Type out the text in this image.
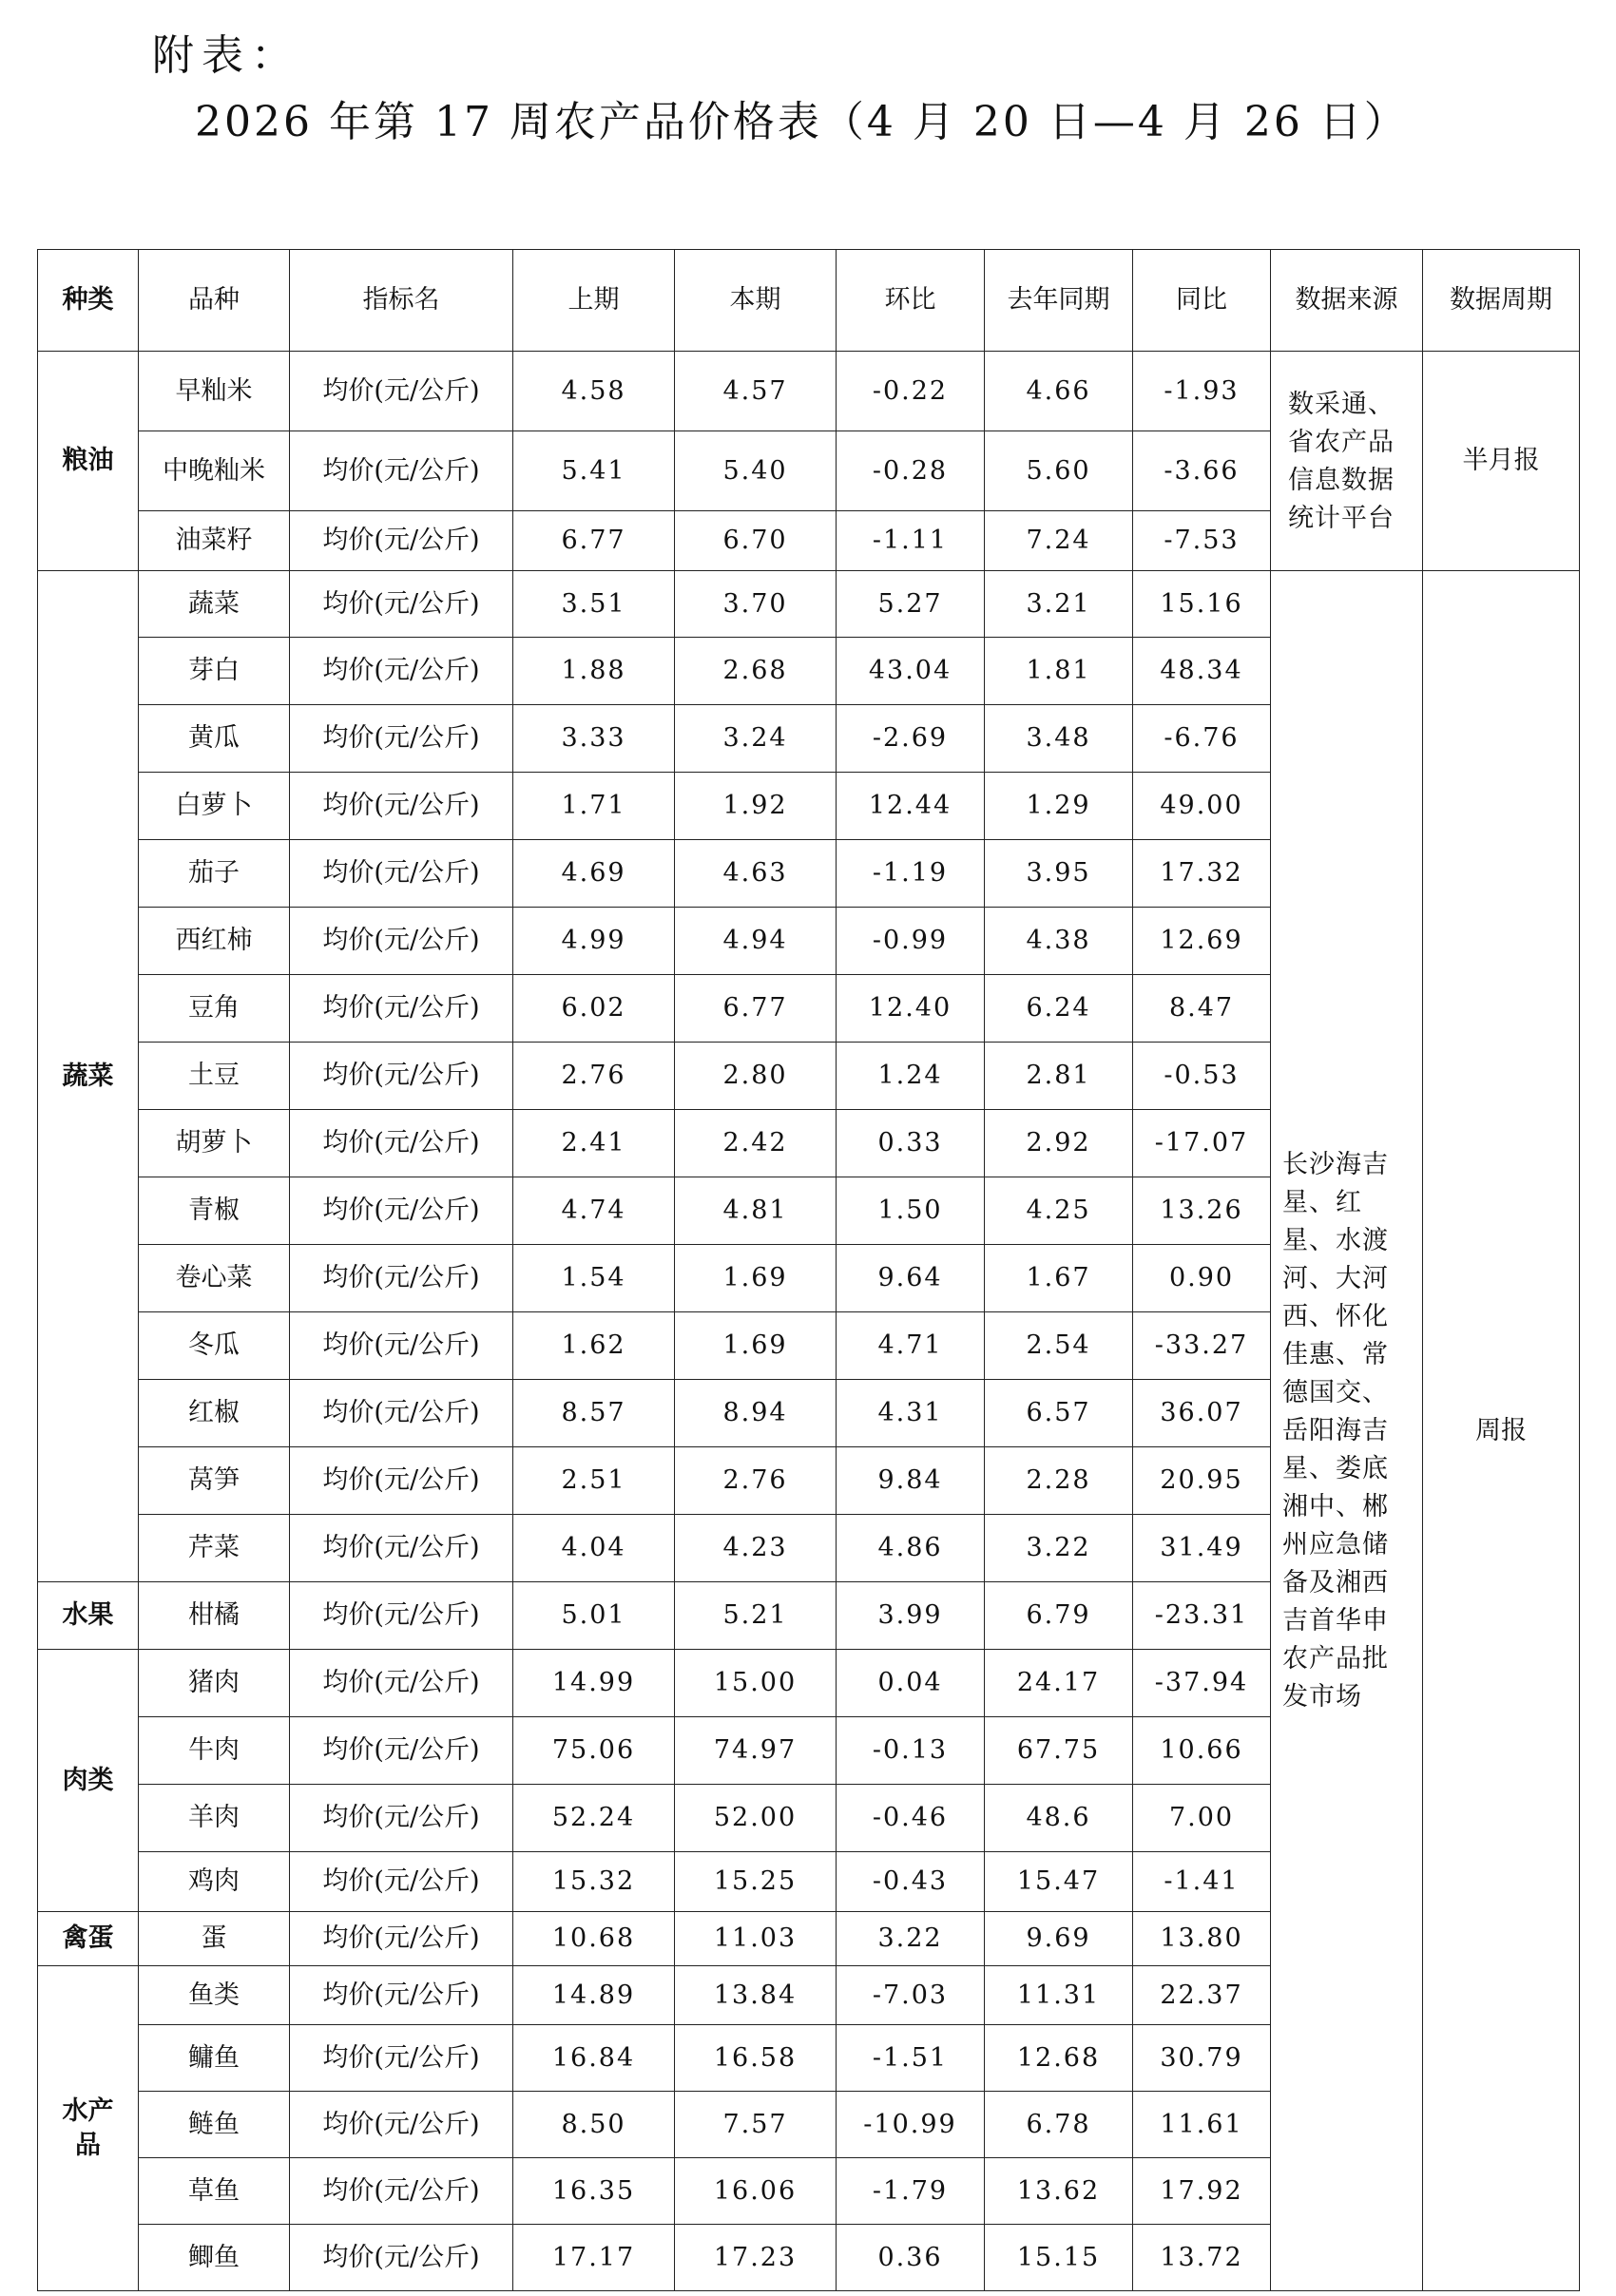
附表：
2026 年第 17 周农产品价格表（4 月 20 日—4 月 26 日）
种类	品种	指标名	上期	本期	环比	去年同期	同比	数据来源	数据周期
粮油	早籼米	均价(元/公斤)	4.58	4.57	-0.22	4.66	-1.93	数采通、省农产品信息数据统计平台	半月报
	中晚籼米	均价(元/公斤)	5.41	5.40	-0.28	5.60	-3.66		
	油菜籽	均价(元/公斤)	6.77	6.70	-1.11	7.24	-7.53		
蔬菜	蔬菜	均价(元/公斤)	3.51	3.70	5.27	3.21	15.16	长沙海吉星、红星、水渡河、大河西、怀化佳惠、常德国交、岳阳海吉星、娄底湘中、郴州应急储备及湘西吉首华申农产品批发市场	周报
	芽白	均价(元/公斤)	1.88	2.68	43.04	1.81	48.34		
	黄瓜	均价(元/公斤)	3.33	3.24	-2.69	3.48	-6.76		
	白萝卜	均价(元/公斤)	1.71	1.92	12.44	1.29	49.00		
	茄子	均价(元/公斤)	4.69	4.63	-1.19	3.95	17.32		
	西红柿	均价(元/公斤)	4.99	4.94	-0.99	4.38	12.69		
	豆角	均价(元/公斤)	6.02	6.77	12.40	6.24	8.47		
	土豆	均价(元/公斤)	2.76	2.80	1.24	2.81	-0.53		
	胡萝卜	均价(元/公斤)	2.41	2.42	0.33	2.92	-17.07		
	青椒	均价(元/公斤)	4.74	4.81	1.50	4.25	13.26		
	卷心菜	均价(元/公斤)	1.54	1.69	9.64	1.67	0.90		
	冬瓜	均价(元/公斤)	1.62	1.69	4.71	2.54	-33.27		
	红椒	均价(元/公斤)	8.57	8.94	4.31	6.57	36.07		
	莴笋	均价(元/公斤)	2.51	2.76	9.84	2.28	20.95		
	芹菜	均价(元/公斤)	4.04	4.23	4.86	3.22	31.49		
水果	柑橘	均价(元/公斤)	5.01	5.21	3.99	6.79	-23.31		
肉类	猪肉	均价(元/公斤)	14.99	15.00	0.04	24.17	-37.94		
	牛肉	均价(元/公斤)	75.06	74.97	-0.13	67.75	10.66		
	羊肉	均价(元/公斤)	52.24	52.00	-0.46	48.6	7.00		
	鸡肉	均价(元/公斤)	15.32	15.25	-0.43	15.47	-1.41		
禽蛋	蛋	均价(元/公斤)	10.68	11.03	3.22	9.69	13.80		
水产品	鱼类	均价(元/公斤)	14.89	13.84	-7.03	11.31	22.37		
	鳙鱼	均价(元/公斤)	16.84	16.58	-1.51	12.68	30.79		
	鲢鱼	均价(元/公斤)	8.50	7.57	-10.99	6.78	11.61		
	草鱼	均价(元/公斤)	16.35	16.06	-1.79	13.62	17.92		
	鲫鱼	均价(元/公斤)	17.17	17.23	0.36	15.15	13.72		
